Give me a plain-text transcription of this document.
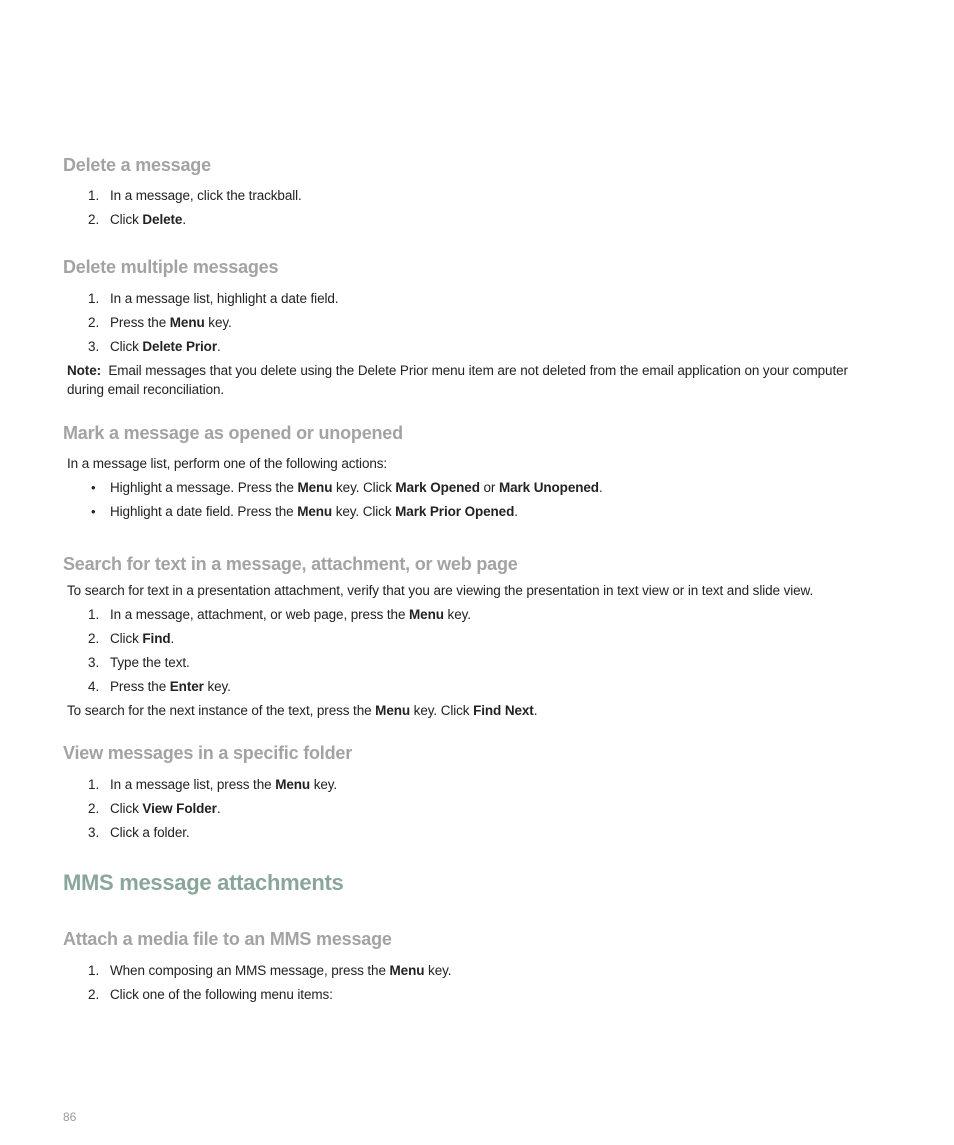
Delete a message
1. In a message, click the trackball.
2. Click Delete.
Delete multiple messages
1. In a message list, highlight a date field.
2. Press the Menu key.
3. Click Delete Prior.
Note: Email messages that you delete using the Delete Prior menu item are not deleted from the email application on your computer during email reconciliation.
Mark a message as opened or unopened
In a message list, perform one of the following actions:
• Highlight a message. Press the Menu key. Click Mark Opened or Mark Unopened.
• Highlight a date field. Press the Menu key. Click Mark Prior Opened.
Search for text in a message, attachment, or web page
To search for text in a presentation attachment, verify that you are viewing the presentation in text view or in text and slide view.
1. In a message, attachment, or web page, press the Menu key.
2. Click Find.
3. Type the text.
4. Press the Enter key.
To search for the next instance of the text, press the Menu key. Click Find Next.
View messages in a specific folder
1. In a message list, press the Menu key.
2. Click View Folder.
3. Click a folder.
MMS message attachments
Attach a media file to an MMS message
1. When composing an MMS message, press the Menu key.
2. Click one of the following menu items:
86
